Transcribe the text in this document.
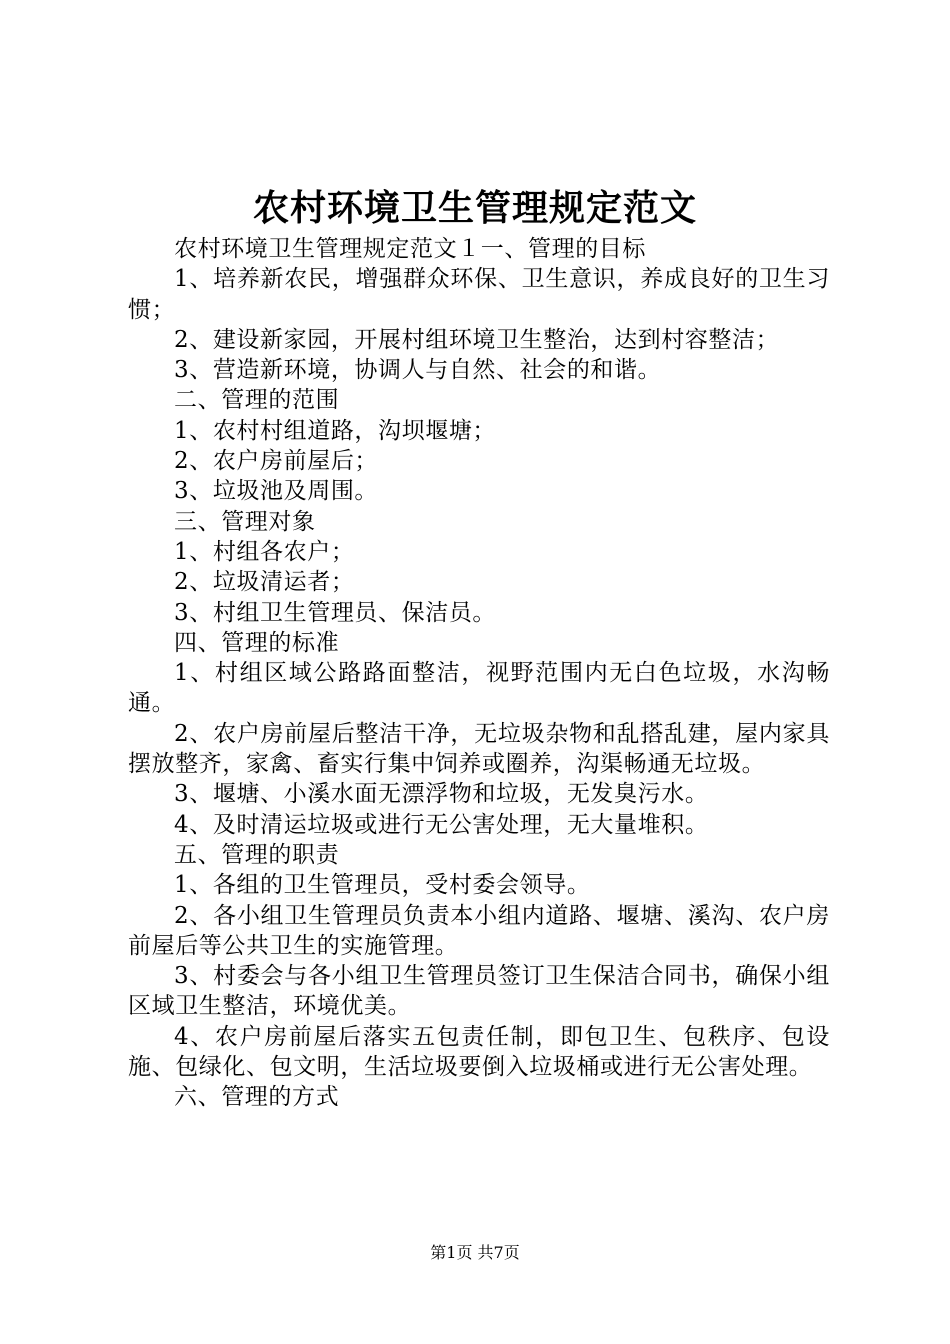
农村环境卫生管理规定范文

农村环境卫生管理规定范文１一、管理的目标

1、培养新农民，增强群众环保、卫生意识，养成良好的卫生习惯；

2、建设新家园，开展村组环境卫生整治，达到村容整洁；

3、营造新环境，协调人与自然、社会的和谐。

二、管理的范围

1、农村村组道路，沟坝堰塘；

2、农户房前屋后；

3、垃圾池及周围。

三、管理对象

1、村组各农户；

2、垃圾清运者；

3、村组卫生管理员、保洁员。

四、管理的标准

1、村组区域公路路面整洁，视野范围内无白色垃圾，水沟畅通。

2、农户房前屋后整洁干净，无垃圾杂物和乱搭乱建，屋内家具摆放整齐，家禽、畜实行集中饲养或圈养，沟渠畅通无垃圾。

3、堰塘、小溪水面无漂浮物和垃圾，无发臭污水。

4、及时清运垃圾或进行无公害处理，无大量堆积。

五、管理的职责

1、各组的卫生管理员，受村委会领导。

2、各小组卫生管理员负责本小组内道路、堰塘、溪沟、农户房前屋后等公共卫生的实施管理。

3、村委会与各小组卫生管理员签订卫生保洁合同书，确保小组区域卫生整洁，环境优美。

4、农户房前屋后落实五包责任制，即包卫生、包秩序、包设施、包绿化、包文明，生活垃圾要倒入垃圾桶或进行无公害处理。

六、管理的方式

第1页 共7页
